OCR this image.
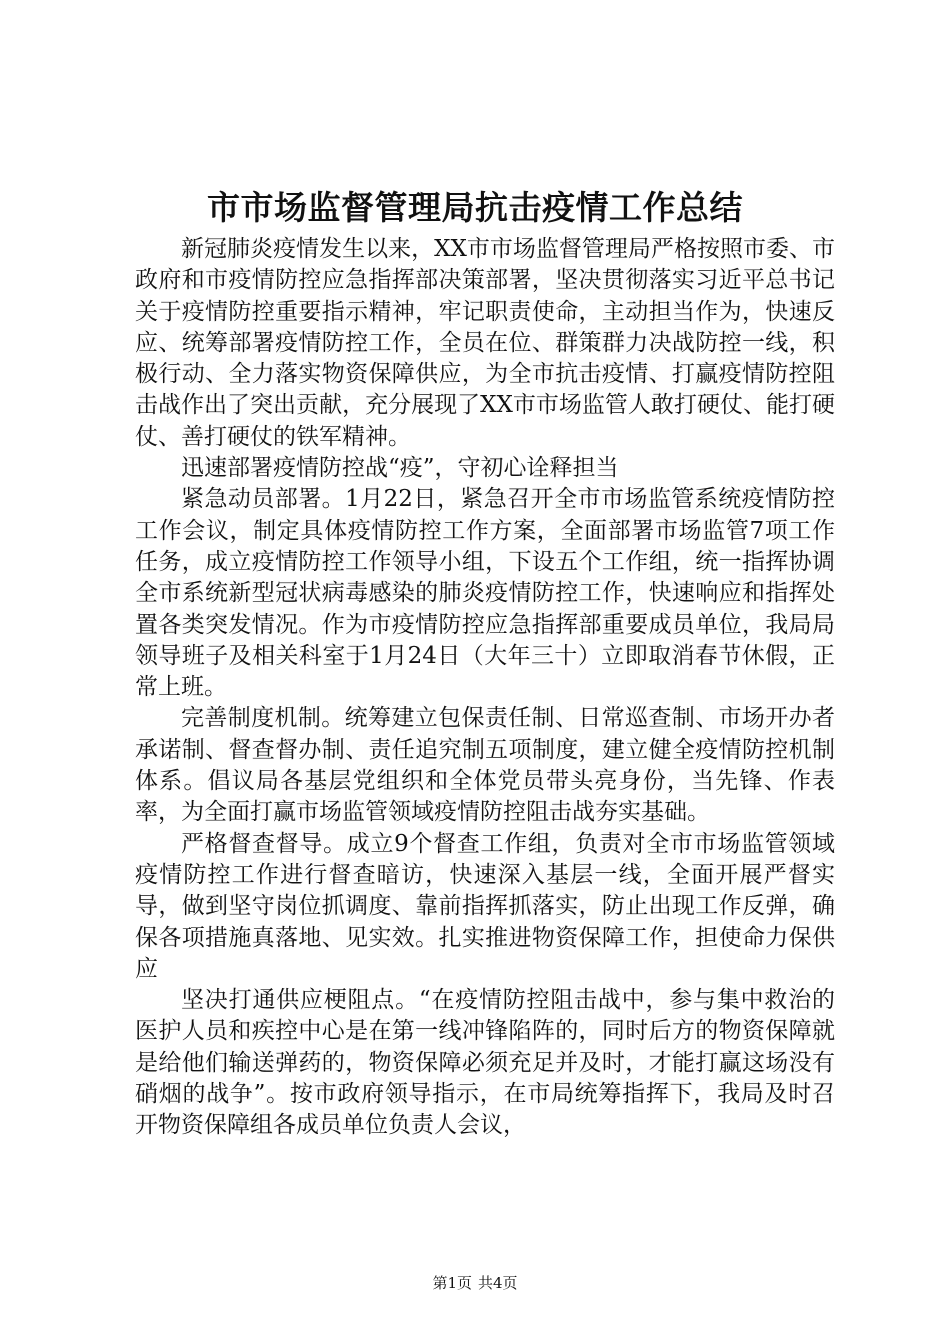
市市场监督管理局抗击疫情工作总结

新冠肺炎疫情发生以来，XX市市场监督管理局严格按照市委、市政府和市疫情防控应急指挥部决策部署，坚决贯彻落实习近平总书记关于疫情防控重要指示精神，牢记职责使命，主动担当作为，快速反应、统筹部署疫情防控工作，全员在位、群策群力决战防控一线，积极行动、全力落实物资保障供应，为全市抗击疫情、打赢疫情防控阻击战作出了突出贡献，充分展现了XX市市场监管人敢打硬仗、能打硬仗、善打硬仗的铁军精神。

迅速部署疫情防控战“疫”，守初心诠释担当

紧急动员部署。1月22日，紧急召开全市市场监管系统疫情防控工作会议，制定具体疫情防控工作方案，全面部署市场监管7项工作任务，成立疫情防控工作领导小组，下设五个工作组，统一指挥协调全市系统新型冠状病毒感染的肺炎疫情防控工作，快速响应和指挥处置各类突发情况。作为市疫情防控应急指挥部重要成员单位，我局局领导班子及相关科室于1月24日（大年三十）立即取消春节休假，正常上班。

完善制度机制。统筹建立包保责任制、日常巡查制、市场开办者承诺制、督查督办制、责任追究制五项制度，建立健全疫情防控机制体系。倡议局各基层党组织和全体党员带头亮身份，当先锋、作表率，为全面打赢市场监管领域疫情防控阻击战夯实基础。

严格督查督导。成立9个督查工作组，负责对全市市场监管领域疫情防控工作进行督查暗访，快速深入基层一线，全面开展严督实导，做到坚守岗位抓调度、靠前指挥抓落实，防止出现工作反弹，确保各项措施真落地、见实效。扎实推进物资保障工作，担使命力保供应

坚决打通供应梗阻点。“在疫情防控阻击战中，参与集中救治的医护人员和疾控中心是在第一线冲锋陷阵的，同时后方的物资保障就是给他们输送弹药的，物资保障必须充足并及时，才能打赢这场没有硝烟的战争”。按市政府领导指示，在市局统筹指挥下，我局及时召开物资保障组各成员单位负责人会议，

第1页 共4页
